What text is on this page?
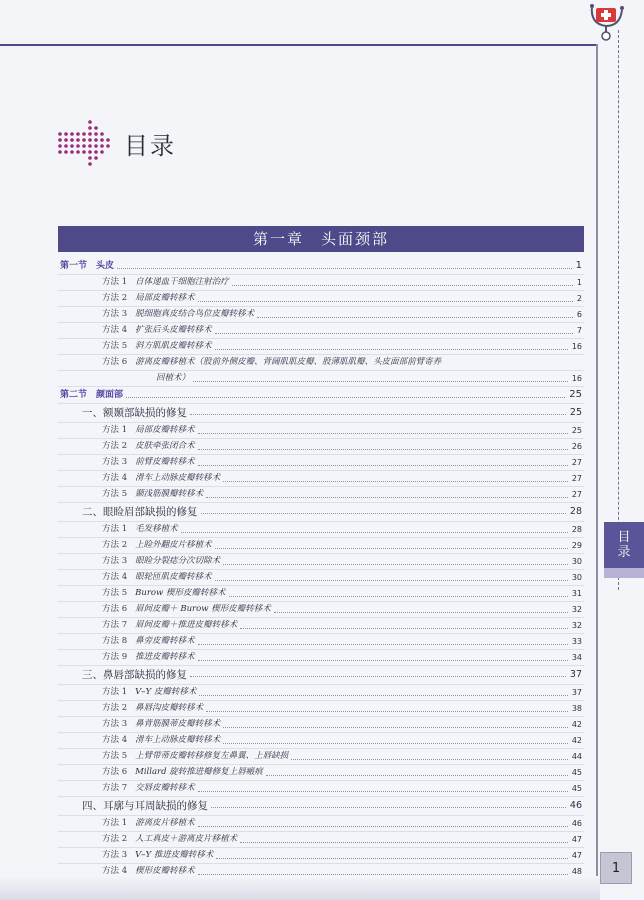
目录
目
录
第一章　头面颈部
第一节　头皮	1
方法 1 自体递血干细胞注射治疗	1
方法 2 局部皮瓣转移术	2
方法 3 脱细胞真皮结合鸟位皮瓣转移术	6
方法 4 扩张后头皮瓣转移术	7
方法 5 斜方肌肌皮瓣转移术	16
方法 6 游离皮瓣移植术（股前外侧皮瓣、背阔肌肌皮瓣、股薄肌肌瓣、头皮面部前臂寄养
回植术）	16
第二节　颜面部	25
一、额颞部缺损的修复	25
方法 1 局部皮瓣转移术	25
方法 2 皮肤牵张闭合术	26
方法 3 前臂皮瓣转移术	27
方法 4 滑车上动脉皮瓣转移术	27
方法 5 颞浅筋膜瓣转移术	27
二、眼睑眉部缺损的修复	28
方法 1 毛发移植术	28
方法 2 上睑外翻皮片移植术	29
方法 3 眼睑分裂痣分次切除术	30
方法 4 眼轮匝肌皮瓣转移术	30
方法 5 Burow 楔形皮瓣转移术	31
方法 6 眉间皮瓣＋ Burow 楔形皮瓣转移术	32
方法 7 眉间皮瓣＋推进皮瓣转移术	32
方法 8 鼻旁皮瓣转移术	33
方法 9 推进皮瓣转移术	34
三、鼻唇部缺损的修复	37
方法 1 V–Y 皮瓣转移术	37
方法 2 鼻唇沟皮瓣转移术	38
方法 3 鼻背筋膜蒂皮瓣转移术	42
方法 4 滑车上动脉皮瓣转移术	42
方法 5 上臂带蒂皮瓣转移修复左鼻翼、上唇缺损	44
方法 6 Millard 旋转推进瓣修复上唇瘢痕	45
方法 7 交唇皮瓣转移术	45
四、耳廓与耳周缺损的修复	46
方法 1 游离皮片移植术	46
方法 2 人工真皮＋游离皮片移植术	47
方法 3 V–Y 推进皮瓣转移术	47
方法 4 楔形皮瓣转移术	48	1
